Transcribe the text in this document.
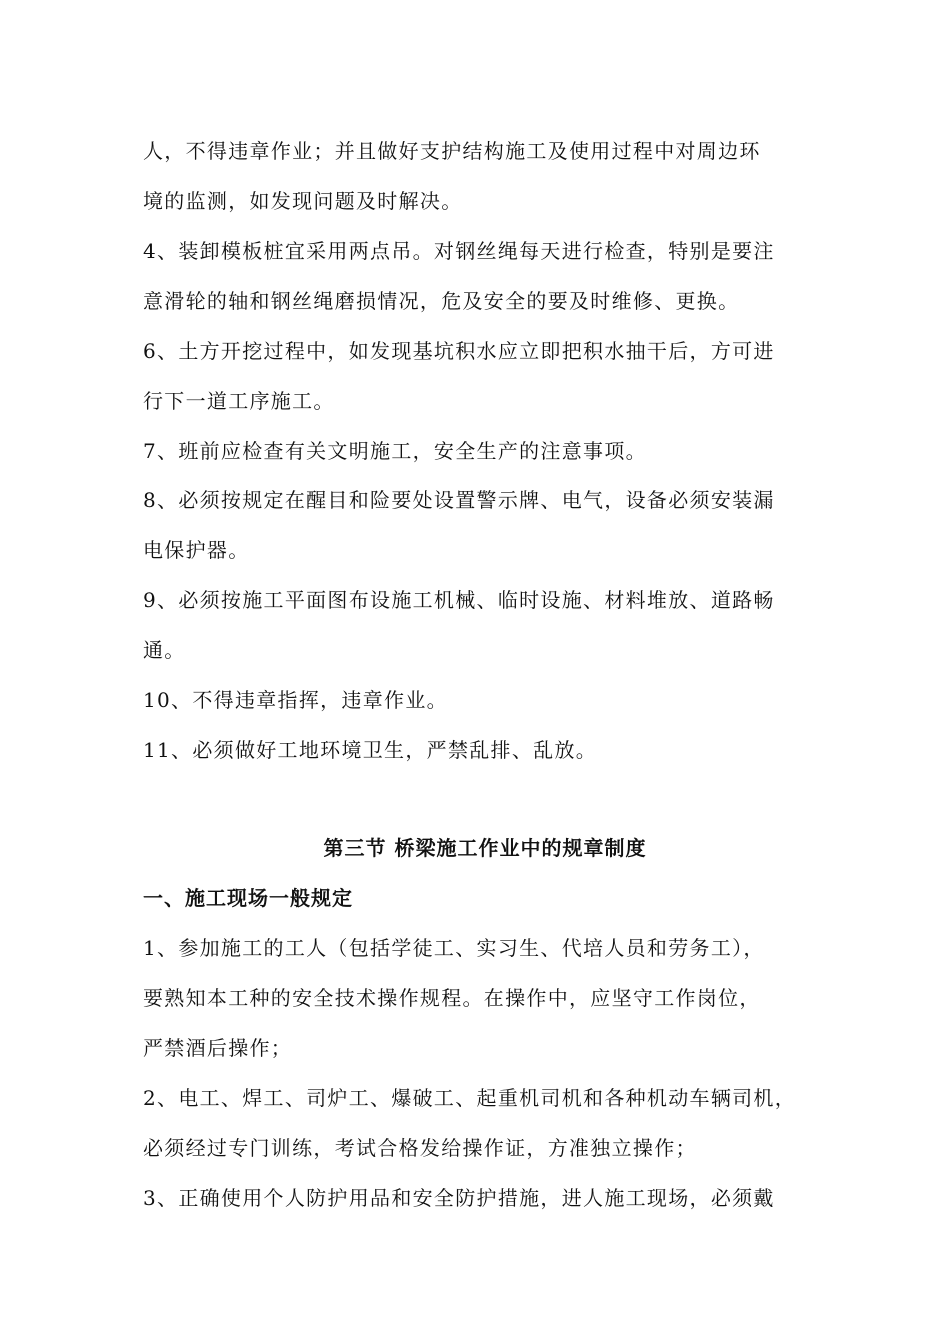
人，不得违章作业；并且做好支护结构施工及使用过程中对周边环
境的监测，如发现问题及时解决。
4、装卸模板桩宜采用两点吊。对钢丝绳每天进行检查，特别是要注
意滑轮的轴和钢丝绳磨损情况，危及安全的要及时维修、更换。
6、土方开挖过程中，如发现基坑积水应立即把积水抽干后，方可进
行下一道工序施工。
7、班前应检查有关文明施工，安全生产的注意事项。
8、必须按规定在醒目和险要处设置警示牌、电气，设备必须安装漏
电保护器。
9、必须按施工平面图布设施工机械、临时设施、材料堆放、道路畅
通。
10、不得违章指挥，违章作业。
11、必须做好工地环境卫生，严禁乱排、乱放。
第三节 桥梁施工作业中的规章制度
一、施工现场一般规定
1、参加施工的工人（包括学徒工、实习生、代培人员和劳务工），
要熟知本工种的安全技术操作规程。在操作中，应坚守工作岗位，
严禁酒后操作；
2、电工、焊工、司炉工、爆破工、起重机司机和各种机动车辆司机，
必须经过专门训练，考试合格发给操作证，方准独立操作；
3、正确使用个人防护用品和安全防护措施，进人施工现场，必须戴
